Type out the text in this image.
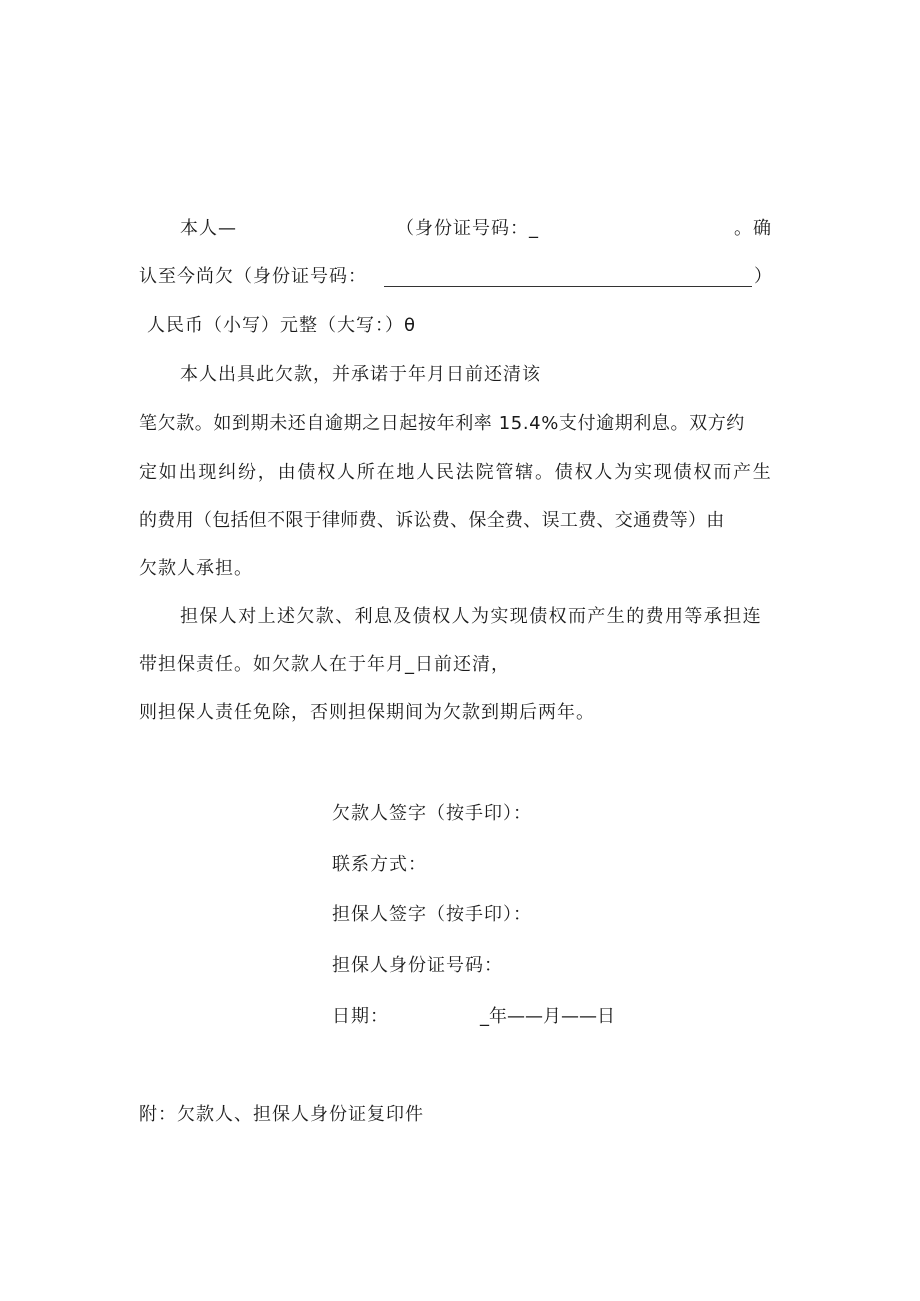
本人—	（身份证号码：_	。确
认至今尚欠（身份证号码：	）
人民币（小写）元整（大写：）θ
本人出具此欠款，并承诺于年月日前还清该
笔欠款。如到期未还自逾期之日起按年利率 15.4%支付逾期利息。双方约
定如出现纠纷，由债权人所在地人民法院管辖。债权人为实现债权而产生
的费用（包括但不限于律师费、诉讼费、保全费、误工费、交通费等）由
欠款人承担。
担保人对上述欠款、利息及债权人为实现债权而产生的费用等承担连
带担保责任。如欠款人在于年月_日前还清，
则担保人责任免除，否则担保期间为欠款到期后两年。
欠款人签字（按手印）：
联系方式：
担保人签字（按手印）：
担保人身份证号码：
日期：	_年——月——日
附：欠款人、担保人身份证复印件
